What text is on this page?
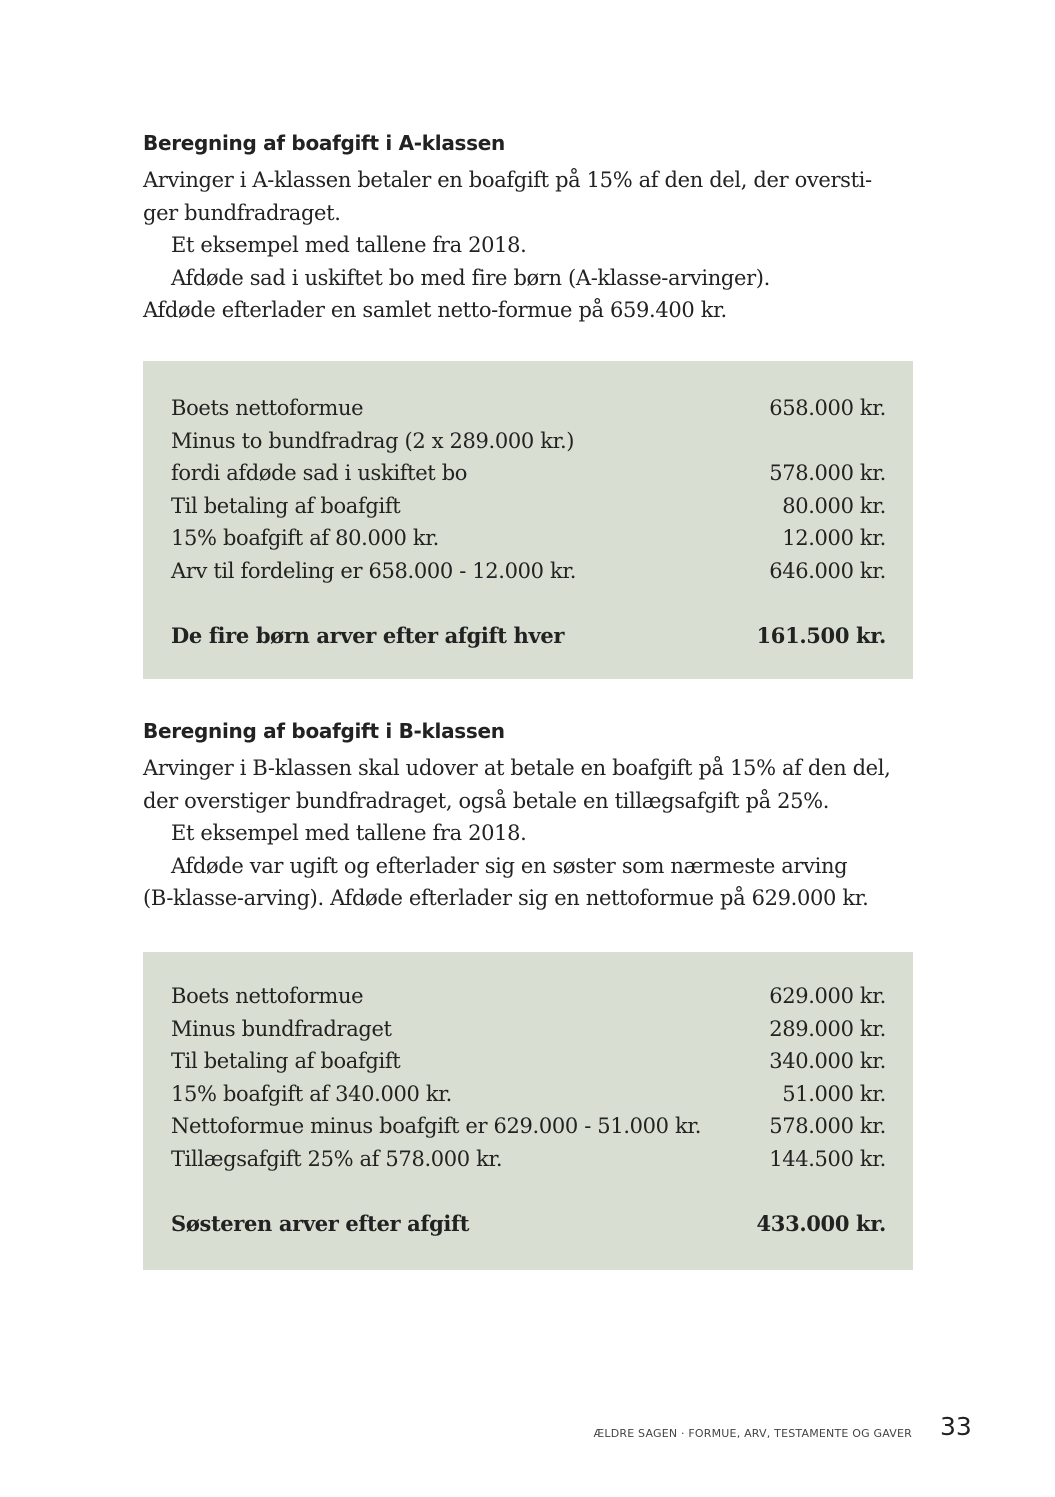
Beregning af boafgift i A-klassen
Arvinger i A-klassen betaler en boafgift på 15% af den del, der oversti-
ger bundfradraget.
Et eksempel med tallene fra 2018.
Afdøde sad i uskiftet bo med fire børn (A-klasse-arvinger).
Afdøde efterlader en samlet netto-formue på 659.400 kr.
Boets nettoformue	658.000 kr.
Minus to bundfradrag (2 x 289.000 kr.)
fordi afdøde sad i uskiftet bo	578.000 kr.
Til betaling af boafgift	80.000 kr.
15% boafgift af 80.000 kr.	12.000 kr.
Arv til fordeling er 658.000 - 12.000 kr.	646.000 kr.
De fire børn arver efter afgift hver	161.500 kr.
Beregning af boafgift i B-klassen
Arvinger i B-klassen skal udover at betale en boafgift på 15% af den del,
der overstiger bundfradraget, også betale en tillægsafgift på 25%.
Et eksempel med tallene fra 2018.
Afdøde var ugift og efterlader sig en søster som nærmeste arving
(B-klasse-arving). Afdøde efterlader sig en nettoformue på 629.000 kr.
Boets nettoformue	629.000 kr.
Minus bundfradraget	289.000 kr.
Til betaling af boafgift	340.000 kr.
15% boafgift af 340.000 kr.	51.000 kr.
Nettoformue minus boafgift er 629.000 - 51.000 kr.	578.000 kr.
Tillægsafgift 25% af 578.000 kr.	144.500 kr.
Søsteren arver efter afgift	433.000 kr.
ÆLDRE SAGEN · FORMUE, ARV, TESTAMENTE OG GAVER 33
